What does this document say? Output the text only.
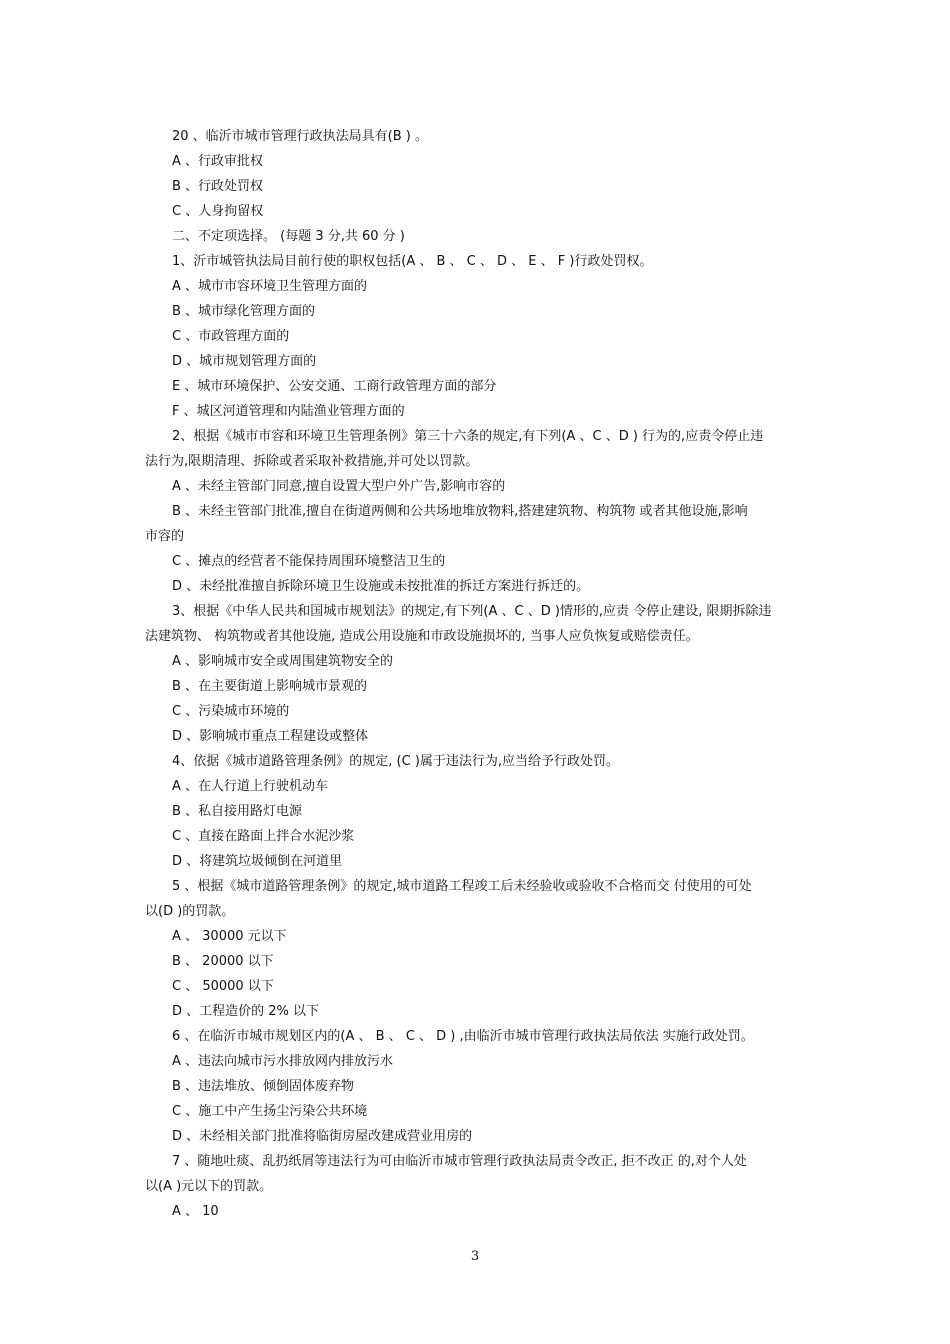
20 、临沂市城市管理行政执法局具有(B ) 。
A 、行政审批权
B 、行政处罚权
C 、人身拘留权
二、不定项选择。 (每题 3 分,共 60 分 )
1、沂市城管执法局目前行使的职权包括(A 、 B 、 C 、 D 、 E 、 F )行政处罚权。
A 、城市市容环境卫生管理方面的
B 、城市绿化管理方面的
C 、市政管理方面的
D 、城市规划管理方面的
E 、城市环境保护、公安交通、工商行政管理方面的部分
F 、城区河道管理和内陆渔业管理方面的
2、根据《城市市容和环境卫生管理条例》第三十六条的规定,有下列(A 、C 、D ) 行为的,应责令停止违
法行为,限期清理、拆除或者采取补救措施,并可处以罚款。
A 、未经主管部门同意,擅自设置大型户外广告,影响市容的
B 、未经主管部门批准,擅自在街道两侧和公共场地堆放物料,搭建建筑物、构筑物 或者其他设施,影响
市容的
C 、摊点的经营者不能保持周围环境整洁卫生的
D 、未经批准擅自拆除环境卫生设施或未按批准的拆迁方案进行拆迁的。
3、根据《中华人民共和国城市规划法》的规定,有下列(A 、C 、D )情形的,应责 令停止建设, 限期拆除违
法建筑物、 构筑物或者其他设施, 造成公用设施和市政设施损坏的, 当事人应负恢复或赔偿责任。
A 、影响城市安全或周围建筑物安全的
B 、在主要街道上影响城市景观的
C 、污染城市环境的
D 、影响城市重点工程建设或整体
4、依据《城市道路管理条例》的规定, (C )属于违法行为,应当给予行政处罚。
A 、在人行道上行驶机动车
B 、私自接用路灯电源
C 、直接在路面上拌合水泥沙浆
D 、将建筑垃圾倾倒在河道里
5 、根据《城市道路管理条例》的规定,城市道路工程竣工后未经验收或验收不合格而交 付使用的可处
以(D )的罚款。
A 、 30000 元以下
B 、 20000 以下
C 、 50000 以下
D 、工程造价的 2% 以下
6 、在临沂市城市规划区内的(A 、 B 、 C 、 D ) ,由临沂市城市管理行政执法局依法 实施行政处罚。
A 、违法向城市污水排放网内排放污水
B 、违法堆放、倾倒固体废弃物
C 、施工中产生扬尘污染公共环境
D 、未经相关部门批准将临街房屋改建成营业用房的
7 、随地吐痰、乱扔纸屑等违法行为可由临沂市城市管理行政执法局责令改正, 拒不改正 的,对个人处
以(A )元以下的罚款。
A 、 10
3
